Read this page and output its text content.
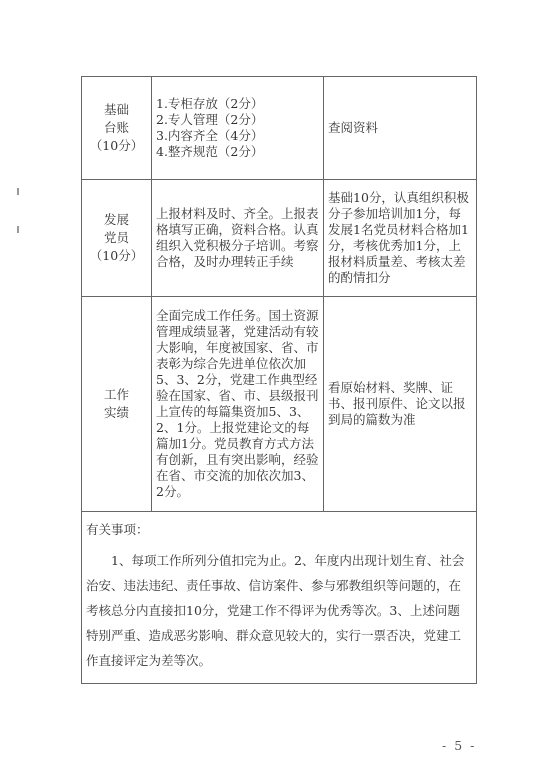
基础
台账
（10分）	1.专柜存放（2分）
2.专人管理（2分）
3.内容齐全（4分）
4.整齐规范（2分）	查阅资料

发展
党员
（10分）	上报材料及时、齐全。上报表格填写正确，资料合格。认真组织入党积极分子培训。考察合格，及时办理转正手续	基础10分，认真组织积极分子参加培训加1分，每发展1名党员材料合格加1分，考核优秀加1分，上报材料质量差、考核太差的酌情扣分

工作
实绩	全面完成工作任务。国土资源管理成绩显著，党建活动有较大影响，年度被国家、省、市表彰为综合先进单位依次加5、3、2分，党建工作典型经验在国家、省、市、县级报刊上宣传的每篇集资加5、3、2、1分。上报党建论文的每篇加1分。党员教育方式方法有创新，且有突出影响，经验在省、市交流的加依次加3、2分。	看原始材料、奖牌、证书、报刊原件、论文以报到局的篇数为准

有关事项：
1、每项工作所列分值扣完为止。2、年度内出现计划生育、社会治安、违法违纪、责任事故、信访案件、参与邪教组织等问题的，在考核总分内直接扣10分，党建工作不得评为优秀等次。3、上述问题特别严重、造成恶劣影响、群众意见较大的，实行一票否决，党建工作直接评定为差等次。		
- 5 -
